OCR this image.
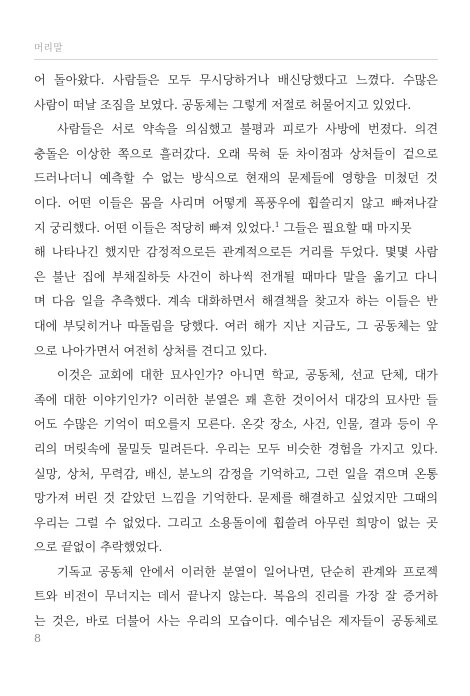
머리말
어 돌아왔다. 사람들은 모두 무시당하거나 배신당했다고 느꼈다. 수많은
사람이 떠날 조짐을 보였다. 공동체는 그렇게 저절로 허물어지고 있었다.
사람들은 서로 약속을 의심했고 불평과 피로가 사방에 번졌다. 의견
충돌은 이상한 쪽으로 흘러갔다. 오래 묵혀 둔 차이점과 상처들이 겉으로
드러나더니 예측할 수 없는 방식으로 현재의 문제들에 영향을 미쳤던 것
이다. 어떤 이들은 몸을 사리며 어떻게 폭풍우에 휩쓸리지 않고 빠져나갈
지 궁리했다. 어떤 이들은 적당히 빠져 있었다.$^1$ 그들은 필요할 때 마지못
해 나타나긴 했지만 감정적으로든 관계적으로든 거리를 두었다. 몇몇 사람
은 불난 집에 부채질하듯 사건이 하나씩 전개될 때마다 말을 옮기고 다니
며 다음 일을 추측했다. 계속 대화하면서 해결책을 찾고자 하는 이들은 반
대에 부딪히거나 따돌림을 당했다. 여러 해가 지난 지금도, 그 공동체는 앞
으로 나아가면서 여전히 상처를 견디고 있다.
이것은 교회에 대한 묘사인가? 아니면 학교, 공동체, 선교 단체, 대가
족에 대한 이야기인가? 이러한 분열은 꽤 흔한 것이어서 대강의 묘사만 들
어도 수많은 기억이 떠오를지 모른다. 온갖 장소, 사건, 인물, 결과 등이 우
리의 머릿속에 물밀듯 밀려든다. 우리는 모두 비슷한 경험을 가지고 있다.
실망, 상처, 무력감, 배신, 분노의 감정을 기억하고, 그런 일을 겪으며 온통
망가져 버린 것 같았던 느낌을 기억한다. 문제를 해결하고 싶었지만 그때의
우리는 그럴 수 없었다. 그리고 소용돌이에 휩쓸려 아무런 희망이 없는 곳
으로 끝없이 추락했었다.
기독교 공동체 안에서 이러한 분열이 일어나면, 단순히 관계와 프로젝
트와 비전이 무너지는 데서 끝나지 않는다. 복음의 진리를 가장 잘 증거하
는 것은, 바로 더불어 사는 우리의 모습이다. 예수님은 제자들이 공동체로
8
